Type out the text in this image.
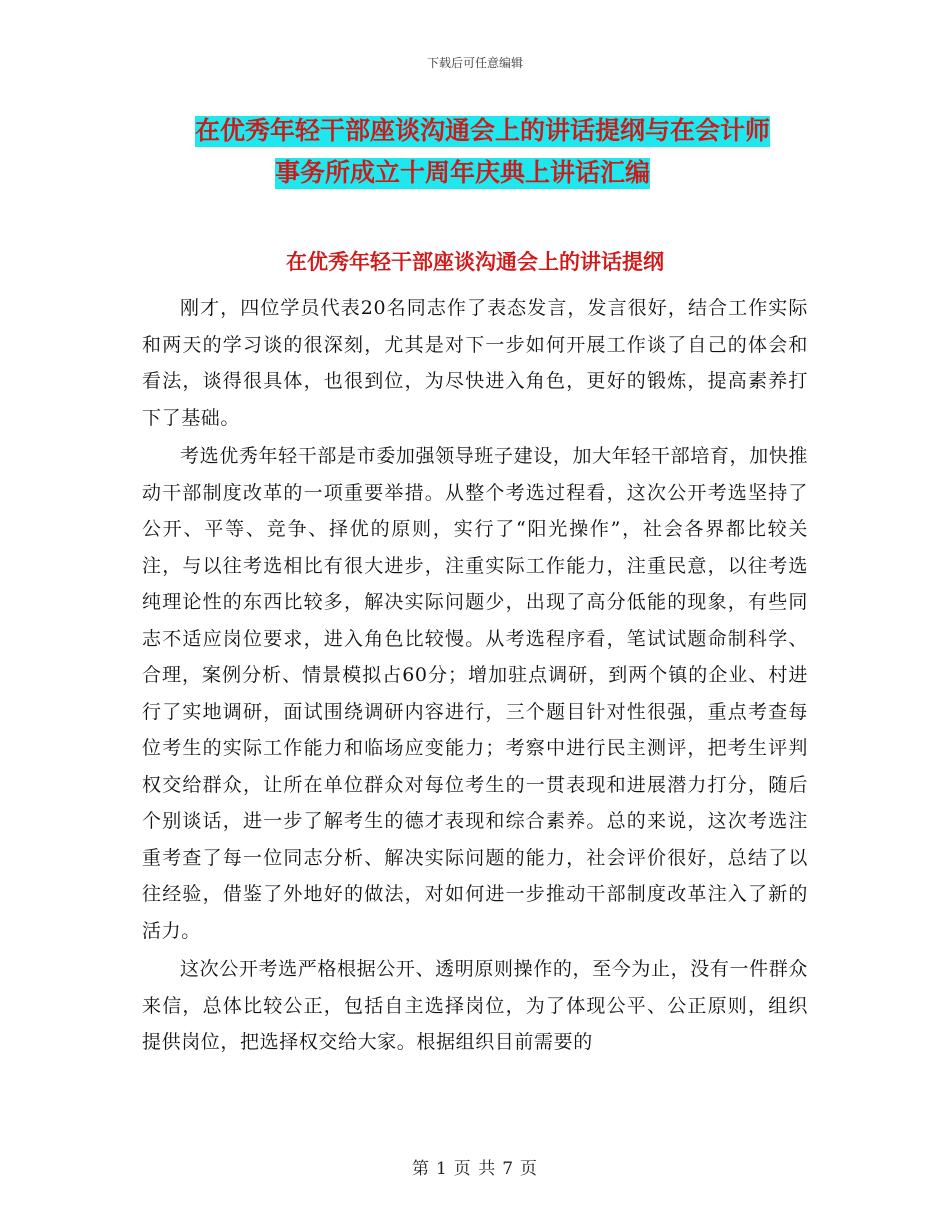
下载后可任意编辑
在优秀年轻干部座谈沟通会上的讲话提纲与在会计师
事务所成立十周年庆典上讲话汇编
在优秀年轻干部座谈沟通会上的讲话提纲

刚才，四位学员代表20名同志作了表态发言，发言很好，结合工作实际和两天的学习谈的很深刻，尤其是对下一步如何开展工作谈了自己的体会和看法，谈得很具体，也很到位，为尽快进入角色，更好的锻炼，提高素养打下了基础。

考选优秀年轻干部是市委加强领导班子建设，加大年轻干部培育，加快推动干部制度改革的一项重要举措。从整个考选过程看，这次公开考选坚持了公开、平等、竞争、择优的原则，实行了“阳光操作”，社会各界都比较关注，与以往考选相比有很大进步，注重实际工作能力，注重民意，以往考选纯理论性的东西比较多，解决实际问题少，出现了高分低能的现象，有些同志不适应岗位要求，进入角色比较慢。从考选程序看，笔试试题命制科学、合理，案例分析、情景模拟占60分；增加驻点调研，到两个镇的企业、村进行了实地调研，面试围绕调研内容进行，三个题目针对性很强，重点考查每位考生的实际工作能力和临场应变能力；考察中进行民主测评，把考生评判权交给群众，让所在单位群众对每位考生的一贯表现和进展潜力打分，随后个别谈话，进一步了解考生的德才表现和综合素养。总的来说，这次考选注重考查了每一位同志分析、解决实际问题的能力，社会评价很好，总结了以往经验，借鉴了外地好的做法，对如何进一步推动干部制度改革注入了新的活力。

这次公开考选严格根据公开、透明原则操作的，至今为止，没有一件群众来信，总体比较公正，包括自主选择岗位，为了体现公平、公正原则，组织提供岗位，把选择权交给大家。根据组织目前需要的

第 1 页 共 7 页
